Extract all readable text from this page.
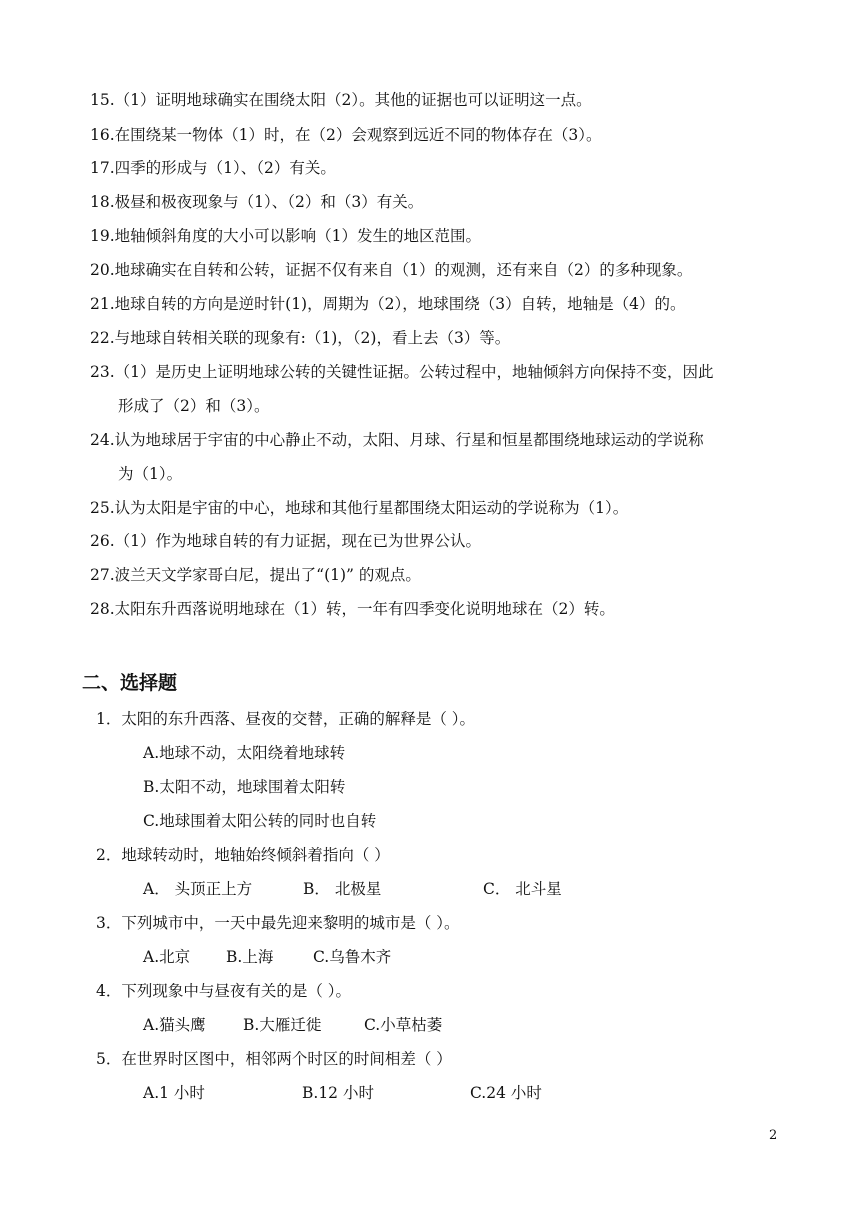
15.（1）证明地球确实在围绕太阳（2）。其他的证据也可以证明这一点。
16.在围绕某一物体（1）时，在（2）会观察到远近不同的物体存在（3）。
17.四季的形成与（1）、（2）有关。
18.极昼和极夜现象与（1）、（2）和（3）有关。
19.地轴倾斜角度的大小可以影响（1）发生的地区范围。
20.地球确实在自转和公转，证据不仅有来自（1）的观测，还有来自（2）的多种现象。
21.地球自转的方向是逆时针(1)，周期为（2），地球围绕（3）自转，地轴是（4）的。
22.与地球自转相关联的现象有:（1)，（2)，看上去（3）等。
23.（1）是历史上证明地球公转的关键性证据。公转过程中，地轴倾斜方向保持不变，因此
形成了（2）和（3）。
24.认为地球居于宇宙的中心静止不动，太阳、月球、行星和恒星都围绕地球运动的学说称
为（1）。
25.认为太阳是宇宙的中心，地球和其他行星都围绕太阳运动的学说称为（1）。
26.（1）作为地球自转的有力证据，现在已为世界公认。
27.波兰天文学家哥白尼，提出了“(1)” 的观点。
28.太阳东升西落说明地球在（1）转，一年有四季变化说明地球在（2）转。
二、选择题
1．太阳的东升西落、昼夜的交替，正确的解释是（ ）。
A.地球不动，太阳绕着地球转
B.太阳不动，地球围着太阳转
C.地球围着太阳公转的同时也自转
2．地球转动时，地轴始终倾斜着指向（ ）
A． 头顶正上方	B． 北极星	C． 北斗星
3．下列城市中，一天中最先迎来黎明的城市是（ ）。
A.北京 B.上海	C.乌鲁木齐
4．下列现象中与昼夜有关的是（ ）。
A.猫头鹰 B.大雁迁徙	C.小草枯萎
5．在世界时区图中，相邻两个时区的时间相差（ ）
A.1 小时	B.12 小时	C.24 小时
2
